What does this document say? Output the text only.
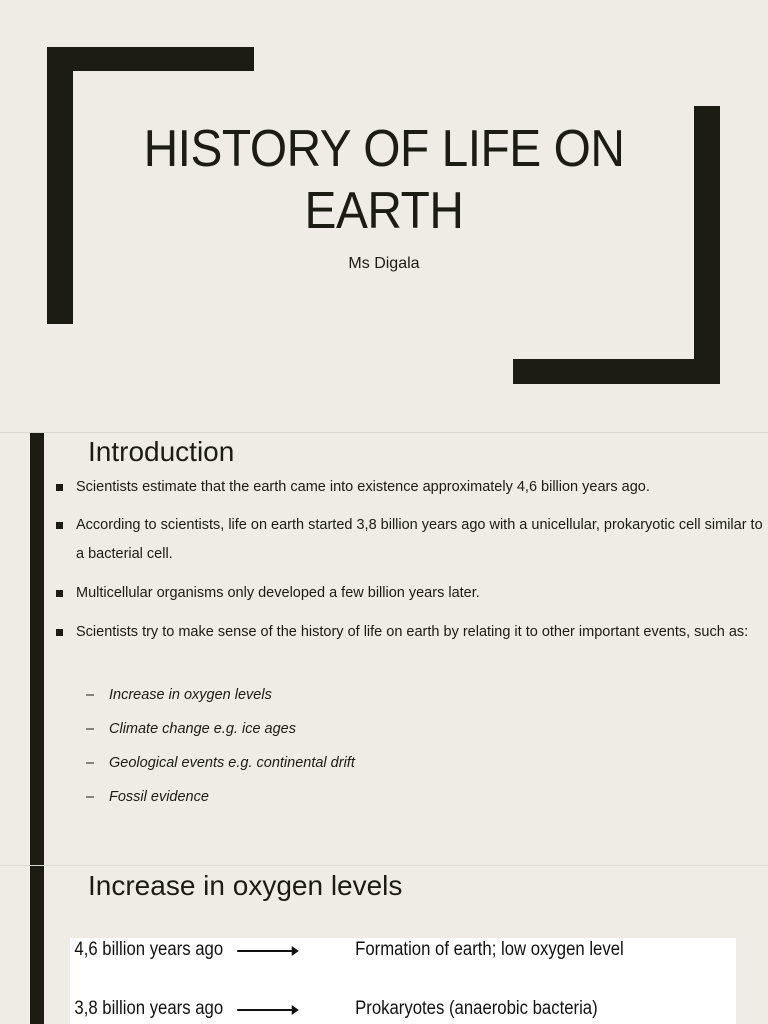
HISTORY OF LIFE ON EARTH
Ms Digala
Introduction
Scientists estimate that the earth came into existence approximately 4,6 billion years ago.
According to scientists, life on earth started 3,8 billion years ago with a unicellular, prokaryotic cell similar to a bacterial cell.
Multicellular organisms only developed a few billion years later.
Scientists try to make sense of the history of life on earth by relating it to other important events, such as:
– Increase in oxygen levels
– Climate change e.g. ice ages
– Geological events e.g. continental drift
– Fossil evidence
Increase in oxygen levels
4,6 billion years ago	Formation of earth; low oxygen level
3,8 billion years ago	Prokaryotes (anaerobic bacteria)
